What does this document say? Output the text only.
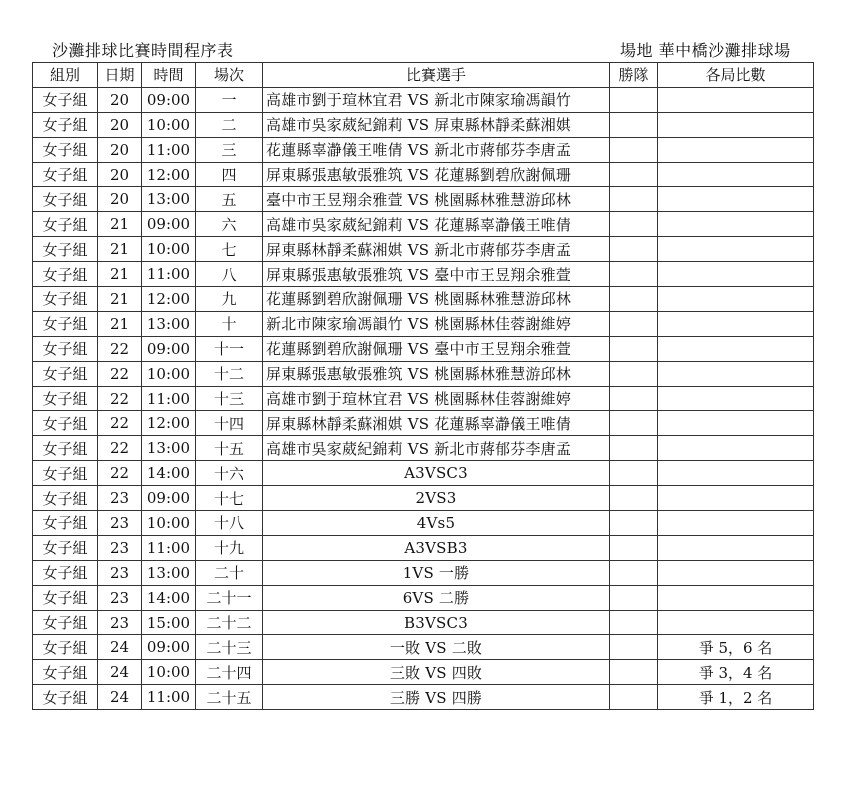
沙灘排球比賽時間程序表	場地 華中橋沙灘排球場
組別	日期	時間	場次	比賽選手	勝隊	各局比數
女子組	20	09:00	一	高雄市劉于瑄林宜君 VS 新北市陳家瑜馮韻竹		
女子組	20	10:00	二	高雄市吳家葳紀錦莉 VS 屏東縣林靜柔蘇湘娸		
女子組	20	11:00	三	花蓮縣辜瀞儀王唯倩 VS 新北市蔣郁芬李唐孟		
女子組	20	12:00	四	屏東縣張惠敏張雅筑 VS 花蓮縣劉碧欣謝佩珊		
女子組	20	13:00	五	臺中市王昱翔余雅萱 VS 桃園縣林雅慧游邱林		
女子組	21	09:00	六	高雄市吳家葳紀錦莉 VS 花蓮縣辜瀞儀王唯倩		
女子組	21	10:00	七	屏東縣林靜柔蘇湘娸 VS 新北市蔣郁芬李唐孟		
女子組	21	11:00	八	屏東縣張惠敏張雅筑 VS 臺中市王昱翔余雅萱		
女子組	21	12:00	九	花蓮縣劉碧欣謝佩珊 VS 桃園縣林雅慧游邱林		
女子組	21	13:00	十	新北市陳家瑜馮韻竹 VS 桃園縣林佳蓉謝維婷		
女子組	22	09:00	十一	花蓮縣劉碧欣謝佩珊 VS 臺中市王昱翔余雅萱		
女子組	22	10:00	十二	屏東縣張惠敏張雅筑 VS 桃園縣林雅慧游邱林		
女子組	22	11:00	十三	高雄市劉于瑄林宜君 VS 桃園縣林佳蓉謝維婷		
女子組	22	12:00	十四	屏東縣林靜柔蘇湘娸 VS 花蓮縣辜瀞儀王唯倩		
女子組	22	13:00	十五	高雄市吳家葳紀錦莉 VS 新北市蔣郁芬李唐孟		
女子組	22	14:00	十六	A3VSC3		
女子組	23	09:00	十七	2VS3		
女子組	23	10:00	十八	4Vs5		
女子組	23	11:00	十九	A3VSB3		
女子組	23	13:00	二十	1VS 一勝		
女子組	23	14:00	二十一	6VS 二勝		
女子組	23	15:00	二十二	B3VSC3		
女子組	24	09:00	二十三	一敗 VS 二敗		爭 5，6 名
女子組	24	10:00	二十四	三敗 VS 四敗		爭 3，4 名
女子組	24	11:00	二十五	三勝 VS 四勝		爭 1，2 名
